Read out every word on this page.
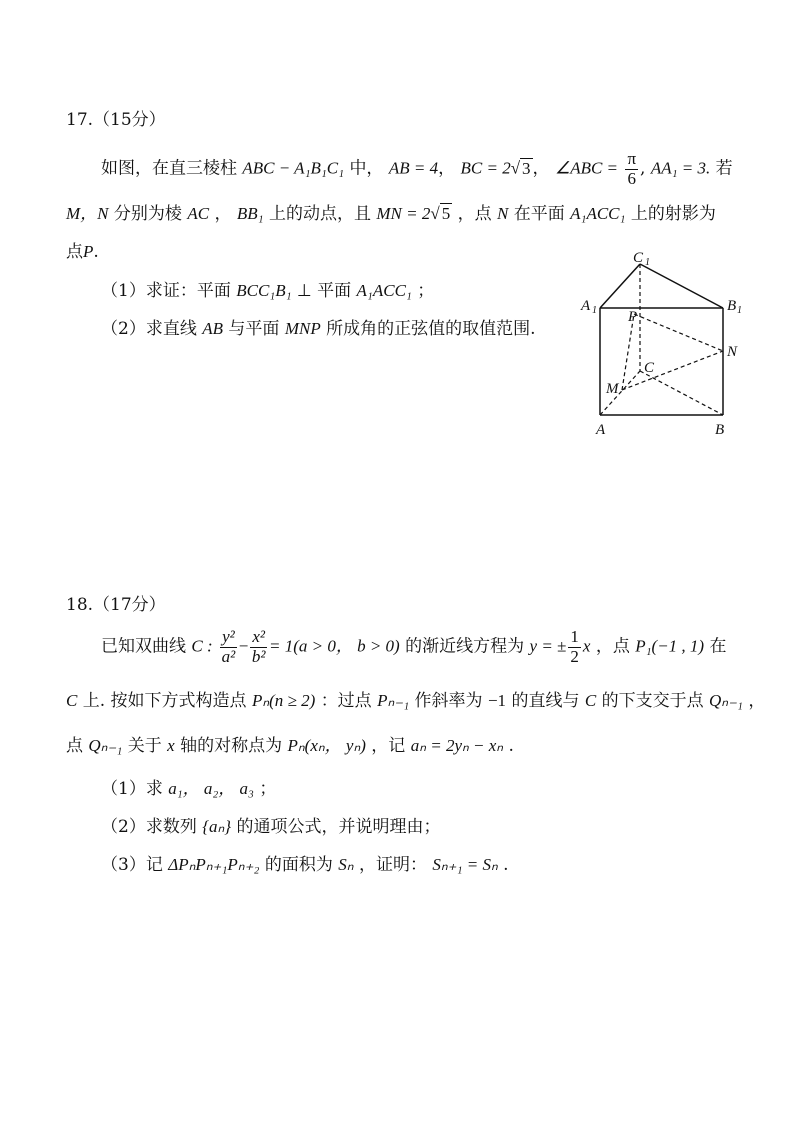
17.（15分）
如图，在直三棱柱 ABC − A₁B₁C₁ 中， AB = 4， BC = 2√ 3 ， ∠ABC = $\frac{\pi}{6}$ , AA₁ = 3. 若
M，N 分别为棱 AC ， BB₁ 上的动点，且 MN = 2√ 5 ，点 N 在平面 A₁ACC₁ 上的射影为
点P.
（1）求证：平面 BCC₁B₁ ⊥ 平面 A₁ACC₁ ；
（2）求直线 AB 与平面 MNP 所成角的正弦值的取值范围.
C 1
A 1	B 1
P
N
C
M
A	B
18.（17分）
已知双曲线 C : $\frac{\text{y²}}{\text{a²}} - \frac{\text{x²}}{\text{b²}} = 1(a > 0$， b > 0) 的渐近线方程为 y = ± $\frac{1}{2}$ x ，点 P₁(−1 , 1) 在
C 上. 按如下方式构造点 Pₙ(n ≥ 2) ：过点 Pₙ₋₁ 作斜率为 −1 的直线与 C 的下支交于点 Qₙ₋₁ ，
点 Qₙ₋₁ 关于 x 轴的对称点为 Pₙ(xₙ， yₙ) ，记 aₙ = 2yₙ − xₙ .
（1）求 a₁， a₂， a₃ ；
（2）求数列 {aₙ} 的通项公式，并说明理由；
（3）记 ΔPₙPₙ₊₁Pₙ₊₂ 的面积为 Sₙ ，证明： Sₙ₊₁ = Sₙ .
